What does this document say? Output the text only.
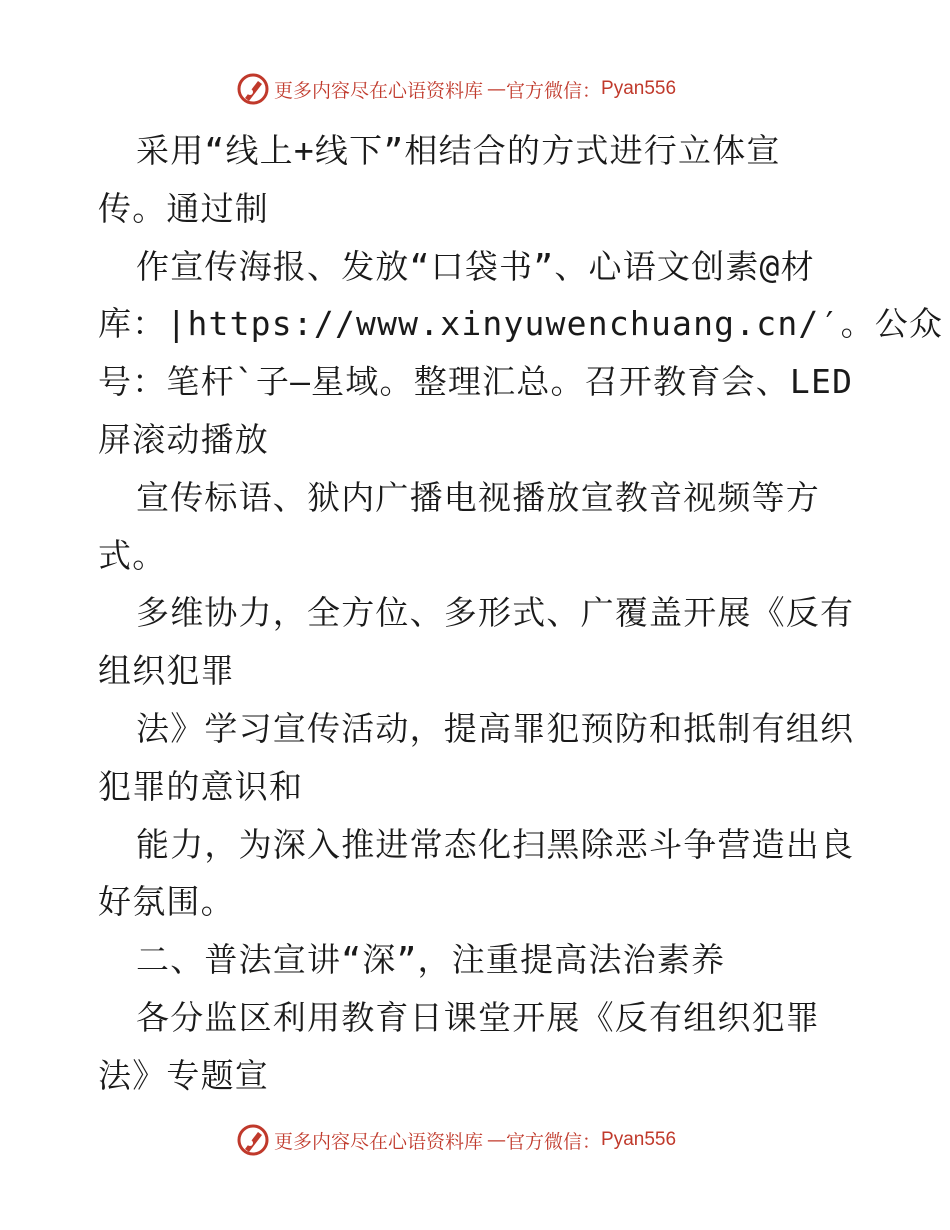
更多内容尽在心语资料库 — 官方微信： Pyan556
采用“线上+线下”相结合的方式进行立体宣
传。通过制
作宣传海报、发放“口袋书”、心语文创素@材
库：|https://www.xinyuwenchuang.cn/′。公众
号：笔杆`子—星域。整理汇总。召开教育会、LED
屏滚动播放
宣传标语、狱内广播电视播放宣教音视频等方
式。
多维协力，全方位、多形式、广覆盖开展《反有
组织犯罪
法》学习宣传活动，提高罪犯预防和抵制有组织
犯罪的意识和
能力，为深入推进常态化扫黑除恶斗争营造出良
好氛围。
二、普法宣讲“深”，注重提高法治素养
各分监区利用教育日课堂开展《反有组织犯罪
法》专题宣
更多内容尽在心语资料库 — 官方微信： Pyan556
